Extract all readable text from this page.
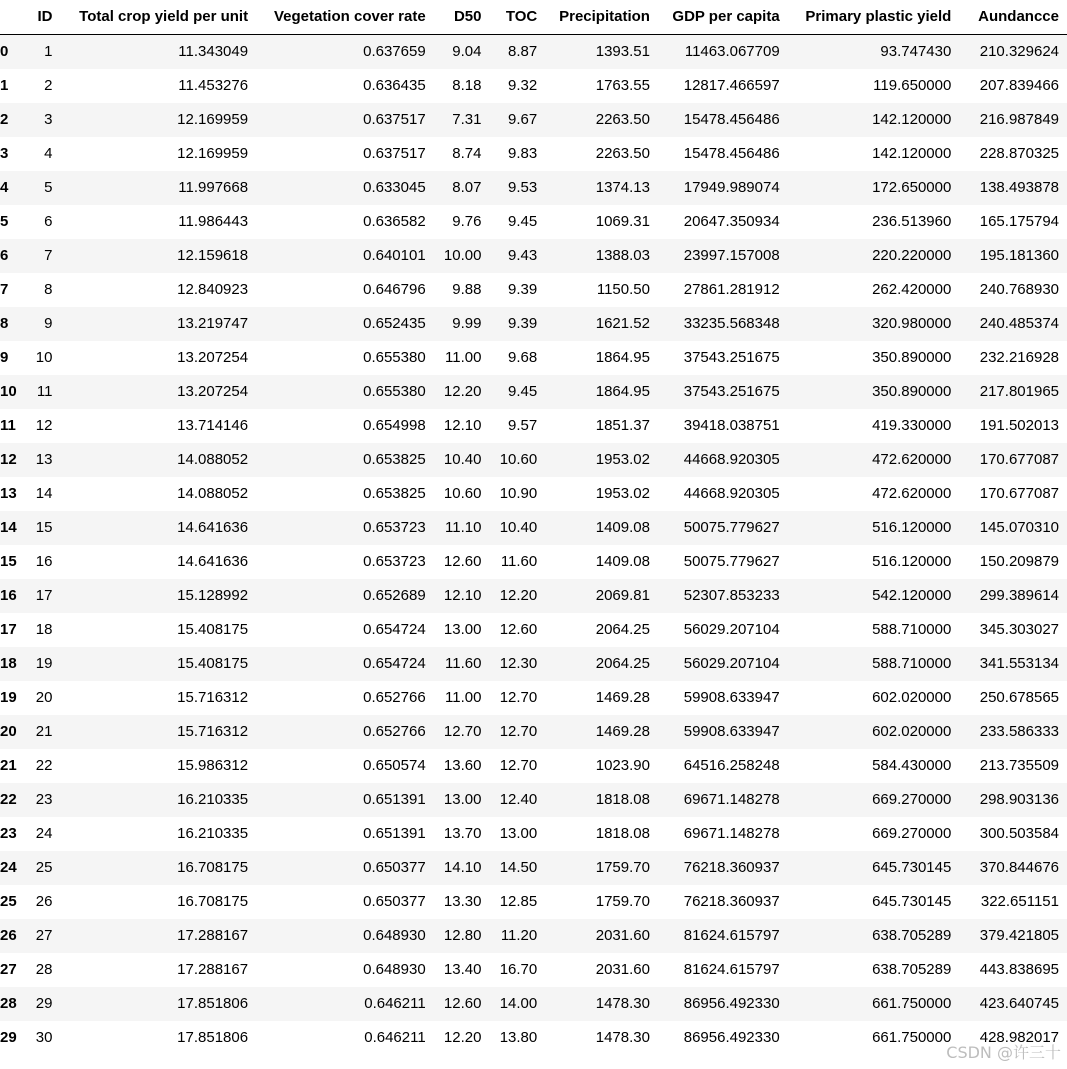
	ID	Total crop yield per unit	Vegetation cover rate	D50	TOC	Precipitation	GDP per capita	Primary plastic yield	Aundancce
0	1	11.343049	0.637659	9.04	8.87	1393.51	11463.067709	93.747430	210.329624
1	2	11.453276	0.636435	8.18	9.32	1763.55	12817.466597	119.650000	207.839466
2	3	12.169959	0.637517	7.31	9.67	2263.50	15478.456486	142.120000	216.987849
3	4	12.169959	0.637517	8.74	9.83	2263.50	15478.456486	142.120000	228.870325
4	5	11.997668	0.633045	8.07	9.53	1374.13	17949.989074	172.650000	138.493878
5	6	11.986443	0.636582	9.76	9.45	1069.31	20647.350934	236.513960	165.175794
6	7	12.159618	0.640101	10.00	9.43	1388.03	23997.157008	220.220000	195.181360
7	8	12.840923	0.646796	9.88	9.39	1150.50	27861.281912	262.420000	240.768930
8	9	13.219747	0.652435	9.99	9.39	1621.52	33235.568348	320.980000	240.485374
9	10	13.207254	0.655380	11.00	9.68	1864.95	37543.251675	350.890000	232.216928
10	11	13.207254	0.655380	12.20	9.45	1864.95	37543.251675	350.890000	217.801965
11	12	13.714146	0.654998	12.10	9.57	1851.37	39418.038751	419.330000	191.502013
12	13	14.088052	0.653825	10.40	10.60	1953.02	44668.920305	472.620000	170.677087
13	14	14.088052	0.653825	10.60	10.90	1953.02	44668.920305	472.620000	170.677087
14	15	14.641636	0.653723	11.10	10.40	1409.08	50075.779627	516.120000	145.070310
15	16	14.641636	0.653723	12.60	11.60	1409.08	50075.779627	516.120000	150.209879
16	17	15.128992	0.652689	12.10	12.20	2069.81	52307.853233	542.120000	299.389614
17	18	15.408175	0.654724	13.00	12.60	2064.25	56029.207104	588.710000	345.303027
18	19	15.408175	0.654724	11.60	12.30	2064.25	56029.207104	588.710000	341.553134
19	20	15.716312	0.652766	11.00	12.70	1469.28	59908.633947	602.020000	250.678565
20	21	15.716312	0.652766	12.70	12.70	1469.28	59908.633947	602.020000	233.586333
21	22	15.986312	0.650574	13.60	12.70	1023.90	64516.258248	584.430000	213.735509
22	23	16.210335	0.651391	13.00	12.40	1818.08	69671.148278	669.270000	298.903136
23	24	16.210335	0.651391	13.70	13.00	1818.08	69671.148278	669.270000	300.503584
24	25	16.708175	0.650377	14.10	14.50	1759.70	76218.360937	645.730145	370.844676
25	26	16.708175	0.650377	13.30	12.85	1759.70	76218.360937	645.730145	322.651151
26	27	17.288167	0.648930	12.80	11.20	2031.60	81624.615797	638.705289	379.421805
27	28	17.288167	0.648930	13.40	16.70	2031.60	81624.615797	638.705289	443.838695
28	29	17.851806	0.646211	12.60	14.00	1478.30	86956.492330	661.750000	423.640745
29	30	17.851806	0.646211	12.20	13.80	1478.30	86956.492330	661.750000	428.982017
CSDN @许三十
